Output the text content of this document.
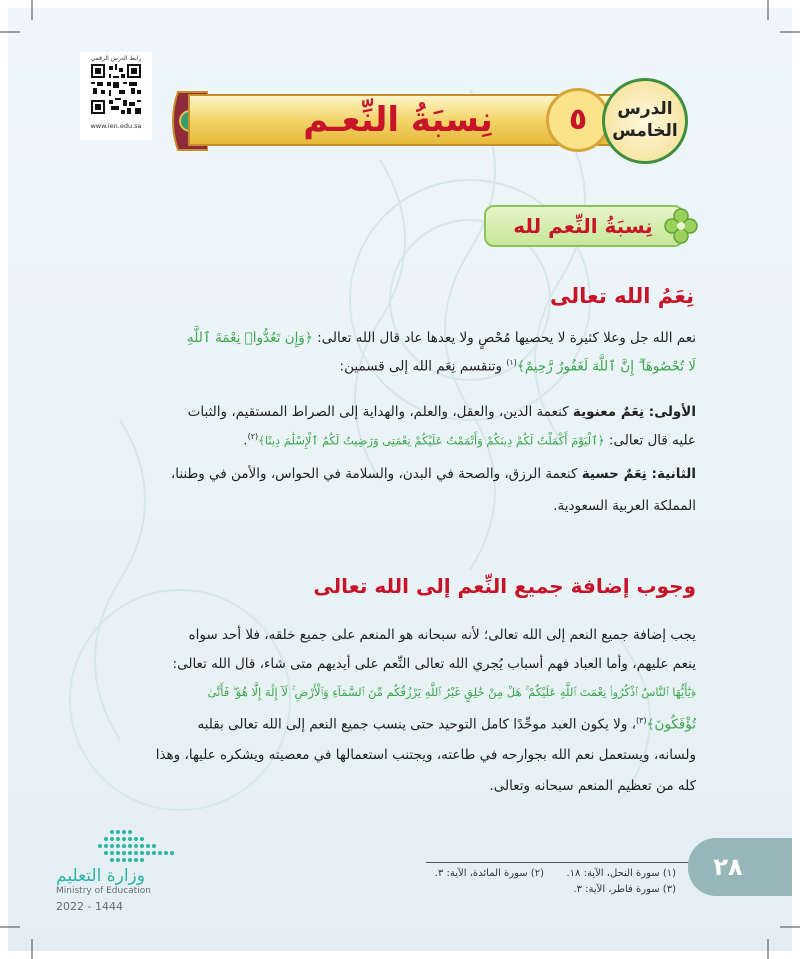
رابط الدرس الرقمي
www.ien.edu.sa	نِسبَةُ النِّعـم	٥	الدرس
الخامس
نِسبَةُ النِّعم لله
نِعَمُ الله تعالى
نعم الله جل وعلا كثيرة لا يحصيها مُحْصٍ ولا يعدها عاد قال الله تعالى: ﴿وَإِن تَعُدُّوا۟ نِعْمَةَ ٱللَّهِ
لَا تُحْصُوهَآ ۗ إِنَّ ٱللَّهَ لَغَفُورٌ رَّحِيمٌ﴾$^{(١)}$ وتنقسم نِعَم الله إلى قسمين:
الأولى: نِعَمٌ معنوية كنعمة الدين، والعقل، والعلم، والهداية إلى الصراط المستقيم، والثبات
عليه قال تعالى: ﴿ٱلْيَوْمَ أَكْمَلْتُ لَكُمْ دِينَكُمْ وَأَتْمَمْتُ عَلَيْكُمْ نِعْمَتِى وَرَضِيتُ لَكُمُ ٱلْإِسْلَٰمَ دِينًا﴾$^{(٢)}$.
الثانية: نِعَمٌ حسية كنعمة الرزق، والصحة في البدن، والسلامة في الحواس، والأمن في وطننا،
المملكة العربية السعودية.
وجوب إضافة جميع النِّعم إلى الله تعالى
يجب إضافة جميع النعم إلى الله تعالى؛ لأنه سبحانه هو المنعم على جميع خلقه، فلا أحد سواه
ينعم عليهم، وأما العباد فهم أسباب يُجري الله تعالى النِّعم على أيديهم متى شاء، قال الله تعالى:
﴿يَٰٓأَيُّهَا ٱلنَّاسُ ٱذْكُرُوا۟ نِعْمَتَ ٱللَّهِ عَلَيْكُمْ ۚ هَلْ مِنْ خَٰلِقٍ غَيْرُ ٱللَّهِ يَرْزُقُكُم مِّنَ ٱلسَّمَآءِ وَٱلْأَرْضِ ۚ لَآ إِلَٰهَ إِلَّا هُوَ ۖ فَأَنَّىٰ
تُؤْفَكُونَ﴾$^{(٣)}$، ولا يكون العبد موحِّدًا كامل التوحيد حتى ينسب جميع النعم إلى الله تعالى بقلبه
ولسانه، ويستعمل نعم الله بجوارحه في طاعته، ويجتنب استعمالها في معصيته ويشكره عليها، وهذا
كله من تعظيم المنعم سبحانه وتعالى.
(١) سورة النحل، الآية: ١٨.
(٢) سورة المائدة، الآية: ٣.
(٣) سورة فاطر، الآية: ٣.
٢٨
وزارة التعليم
Ministry of Education
2022 - 1444
